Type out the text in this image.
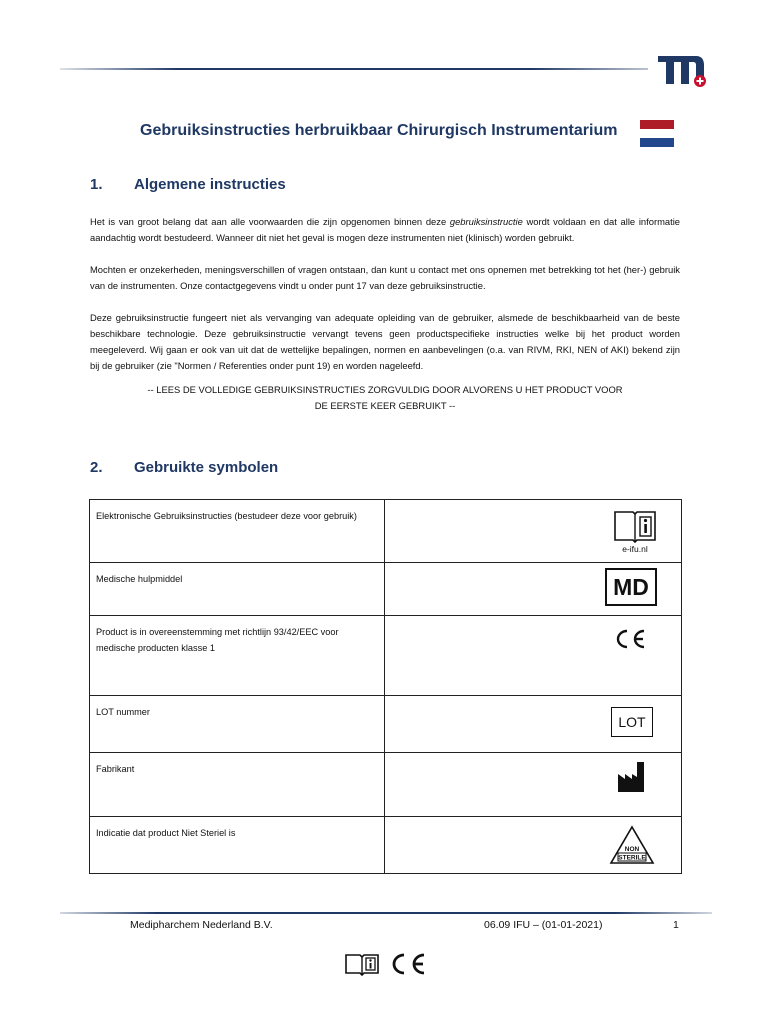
Gebruiksinstructies herbruikbaar Chirurgisch Instrumentarium
1. Algemene instructies
Het is van groot belang dat aan alle voorwaarden die zijn opgenomen binnen deze gebruiksinstructie wordt voldaan en dat alle informatie aandachtig wordt bestudeerd. Wanneer dit niet het geval is mogen deze instrumenten niet (klinisch) worden gebruikt.
Mochten er onzekerheden, meningsverschillen of vragen ontstaan, dan kunt u contact met ons opnemen met betrekking tot het (her-) gebruik van de instrumenten. Onze contactgegevens vindt u onder punt 17 van deze gebruiksinstructie.
Deze gebruiksinstructie fungeert niet als vervanging van adequate opleiding van de gebruiker, alsmede de beschikbaarheid van de beste beschikbare technologie. Deze gebruiksinstructie vervangt tevens geen productspecifieke instructies welke bij het product worden meegeleverd. Wij gaan er ook van uit dat de wettelijke bepalingen, normen en aanbevelingen (o.a. van RIVM, RKI, NEN of AKI) bekend zijn bij de gebruiker (zie "Normen / Referenties onder punt 19) en worden nageleefd.
-- LEES DE VOLLEDIGE GEBRUIKSINSTRUCTIES ZORGVULDIG DOOR ALVORENS U HET PRODUCT VOOR
DE EERSTE KEER GEBRUIKT --
2. Gebruikte symbolen
Elektronische Gebruiksinstructies (bestudeer deze voor gebruik)	e-ifu.nl

Medische hulpmiddel	MD

Product is in overeenstemming met richtlijn 93/42/EEC voor medische producten klasse 1	

LOT nummer	LOT

Fabrikant	

Indicatie dat product Niet Steriel is	NON
STERILE
Medipharchem Nederland B.V.	06.09 IFU – (01-01-2021)	1
